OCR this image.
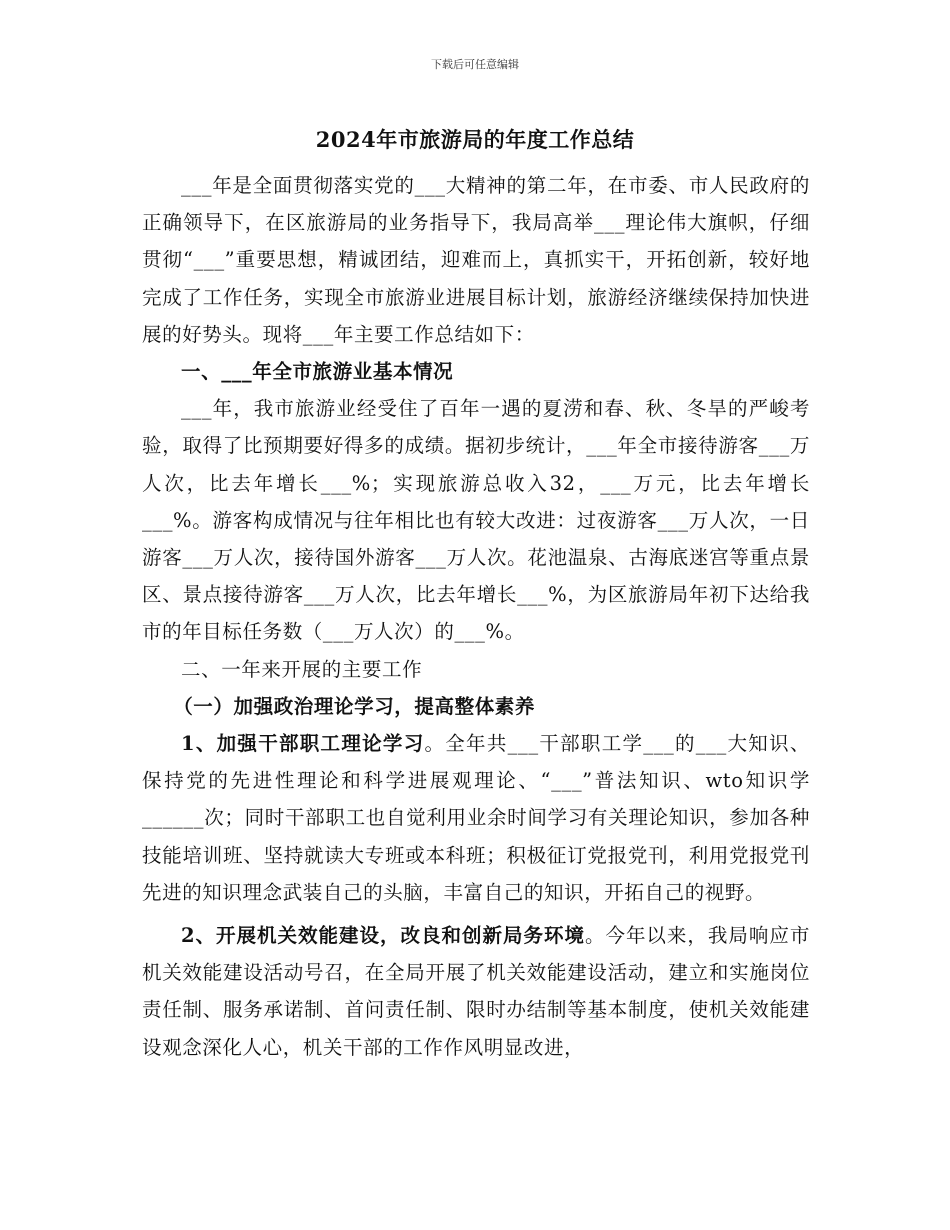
下载后可任意编辑
2024年市旅游局的年度工作总结

___年是全面贯彻落实党的___大精神的第二年，在市委、市人民政府的正确领导下，在区旅游局的业务指导下，我局高举___理论伟大旗帜，仔细贯彻“___”重要思想，精诚团结，迎难而上，真抓实干，开拓创新，较好地完成了工作任务，实现全市旅游业进展目标计划，旅游经济继续保持加快进展的好势头。现将___年主要工作总结如下：

一、___年全市旅游业基本情况

___年，我市旅游业经受住了百年一遇的夏涝和春、秋、冬旱的严峻考验，取得了比预期要好得多的成绩。据初步统计，___年全市接待游客___万人次，比去年增长___%；实现旅游总收入32，___万元，比去年增长___%。游客构成情况与往年相比也有较大改进：过夜游客___万人次，一日游客___万人次，接待国外游客___万人次。花池温泉、古海底迷宫等重点景区、景点接待游客___万人次，比去年增长___%，为区旅游局年初下达给我市的年目标任务数（___万人次）的___%。

二、一年来开展的主要工作

（一）加强政治理论学习，提高整体素养

1、加强干部职工理论学习。全年共___干部职工学___的___大知识、保持党的先进性理论和科学进展观理论、“___”普法知识、wto知识学______次；同时干部职工也自觉利用业余时间学习有关理论知识，参加各种技能培训班、坚持就读大专班或本科班；积极征订党报党刊，利用党报党刊先进的知识理念武装自己的头脑，丰富自己的知识，开拓自己的视野。

2、开展机关效能建设，改良和创新局务环境。今年以来，我局响应市机关效能建设活动号召，在全局开展了机关效能建设活动，建立和实施岗位责任制、服务承诺制、首问责任制、限时办结制等基本制度，使机关效能建设观念深化人心，机关干部的工作作风明显改进，
